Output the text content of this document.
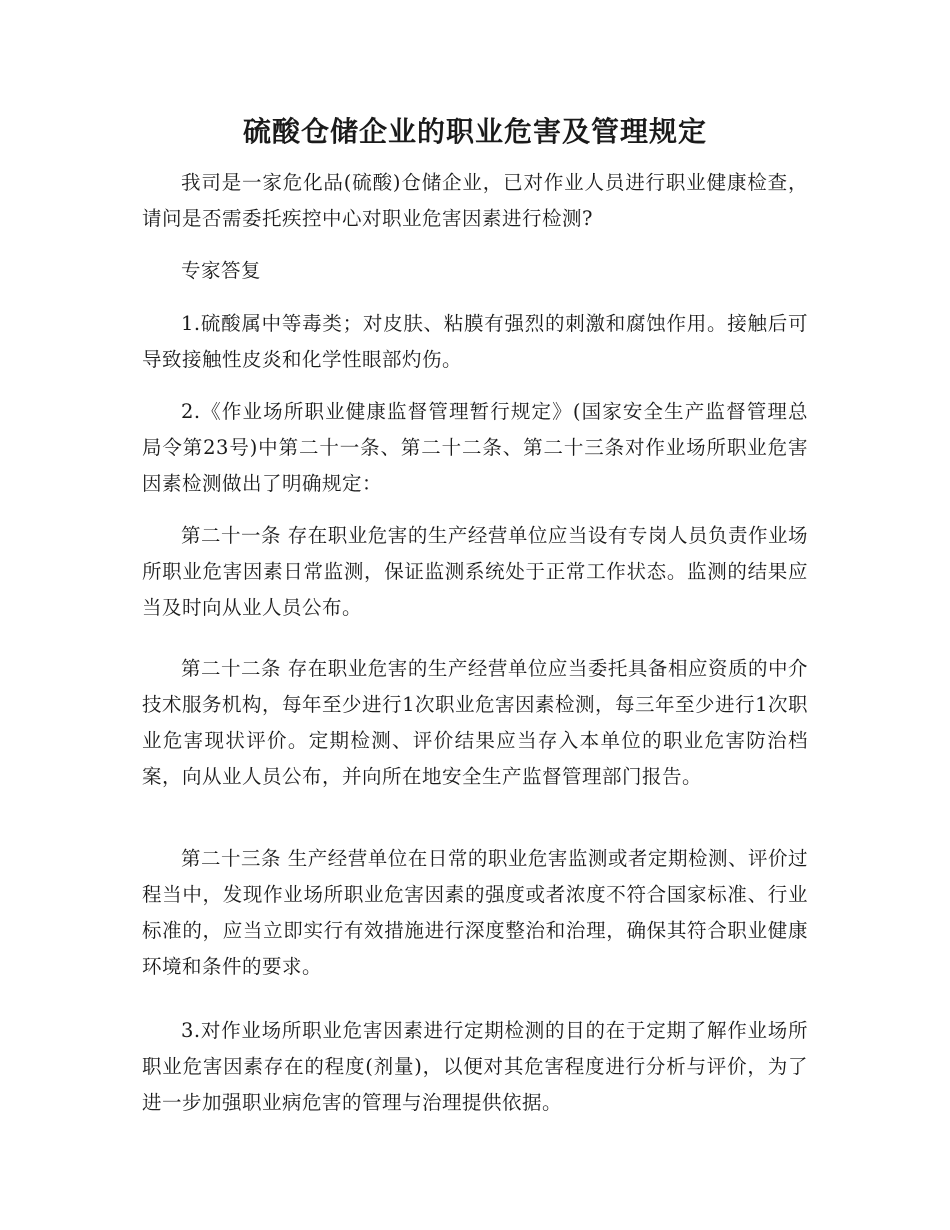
硫酸仓储企业的职业危害及管理规定

我司是一家危化品(硫酸)仓储企业，已对作业人员进行职业健康检查，请问是否需委托疾控中心对职业危害因素进行检测?

专家答复

1.硫酸属中等毒类；对皮肤、粘膜有强烈的刺激和腐蚀作用。接触后可导致接触性皮炎和化学性眼部灼伤。

2.《作业场所职业健康监督管理暂行规定》(国家安全生产监督管理总局令第23号)中第二十一条、第二十二条、第二十三条对作业场所职业危害因素检测做出了明确规定：

第二十一条 存在职业危害的生产经营单位应当设有专岗人员负责作业场所职业危害因素日常监测，保证监测系统处于正常工作状态。监测的结果应当及时向从业人员公布。

第二十二条 存在职业危害的生产经营单位应当委托具备相应资质的中介技术服务机构，每年至少进行1次职业危害因素检测，每三年至少进行1次职业危害现状评价。定期检测、评价结果应当存入本单位的职业危害防治档案，向从业人员公布，并向所在地安全生产监督管理部门报告。

第二十三条 生产经营单位在日常的职业危害监测或者定期检测、评价过程当中，发现作业场所职业危害因素的强度或者浓度不符合国家标准、行业标准的，应当立即实行有效措施进行深度整治和治理，确保其符合职业健康环境和条件的要求。

3.对作业场所职业危害因素进行定期检测的目的在于定期了解作业场所职业危害因素存在的程度(剂量)，以便对其危害程度进行分析与评价，为了进一步加强职业病危害的管理与治理提供依据。
